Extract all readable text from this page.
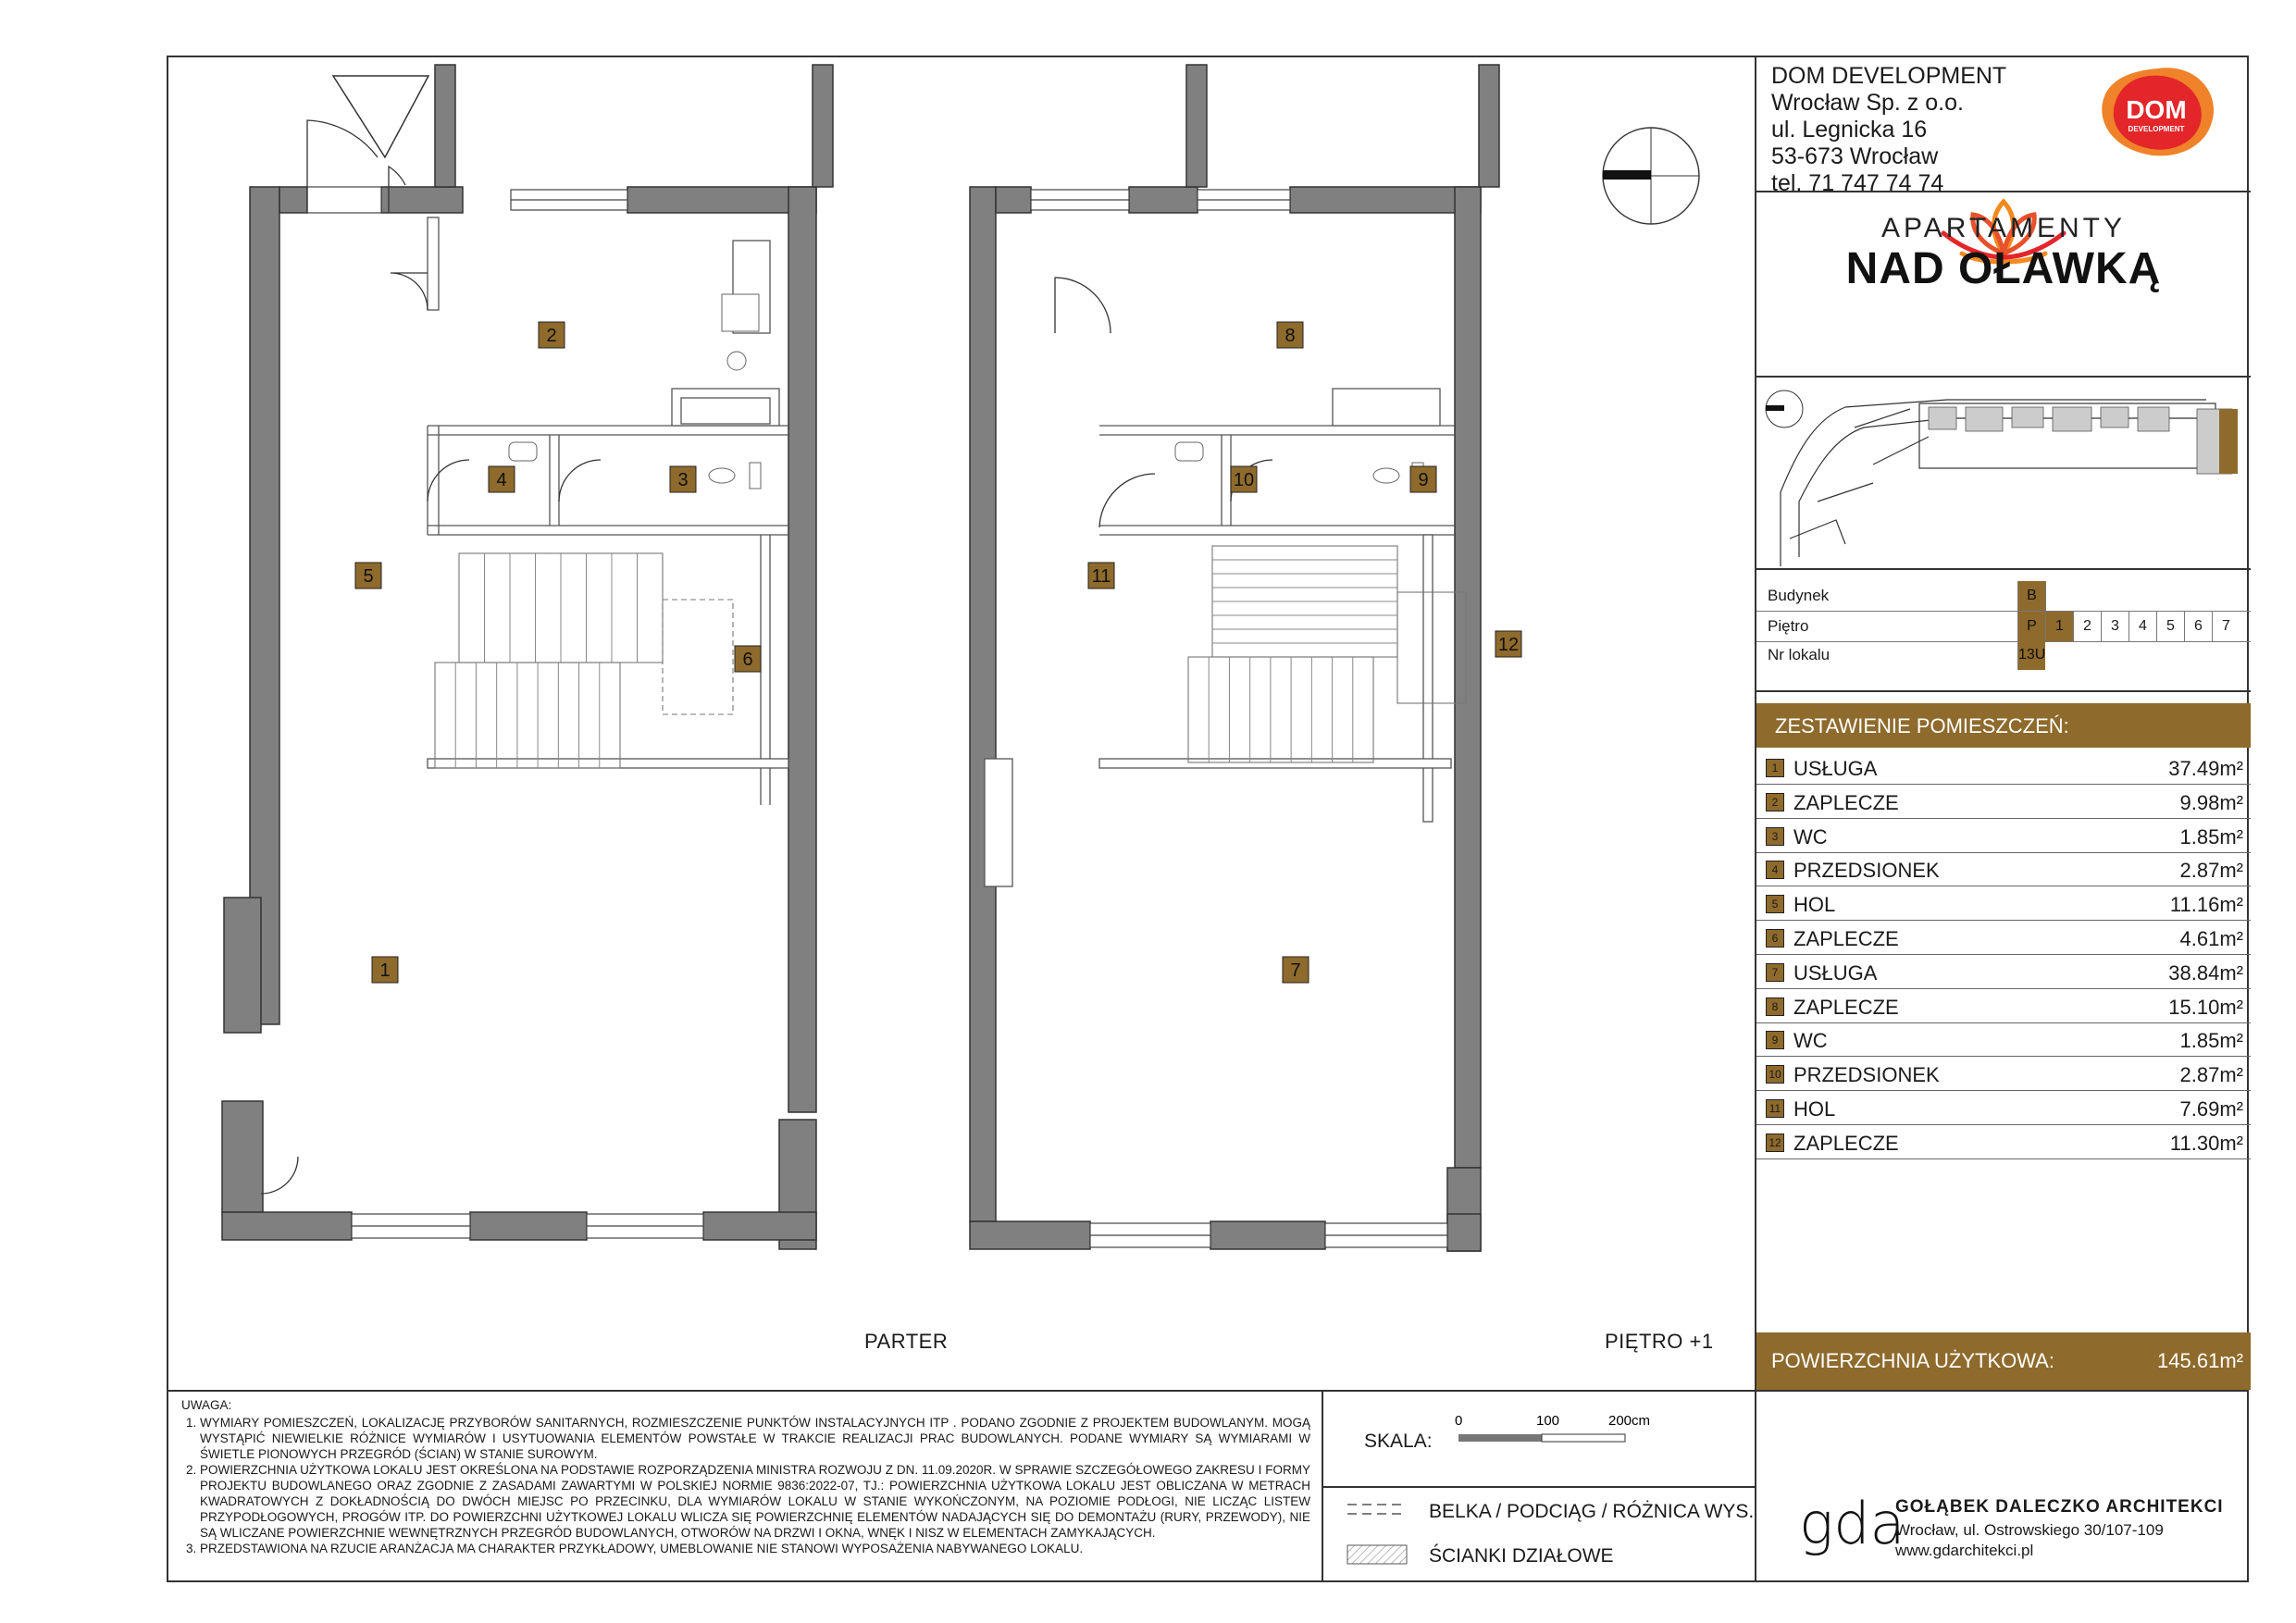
1
2
3
4
5
6
7
8
9
10
11
12
PARTER	PIĘTRO +1
DOM DEVELOPMENT
Wrocław Sp. z o.o.
ul. Legnicka 16
53-673 Wrocław
tel. 71 747 74 74
DOM
DEVELOPMENT
APARTAMENTY
NAD OŁAWKĄ
Budynek	B
Piętro	P	1	2	3	4	5	6	7
Nr lokalu	13U
ZESTAWIENIE POMIESZCZEŃ:
POWIERZCHNIA UŻYTKOWA:	145.61m²
1 USŁUGA	37.49m²
2 ZAPLECZE	9.98m²
3 WC	1.85m²
4 PRZEDSIONEK	2.87m²
5 HOL	11.16m²
6 ZAPLECZE	4.61m²
7 USŁUGA	38.84m²
8 ZAPLECZE	15.10m²
9 WC	1.85m²
10 PRZEDSIONEK	2.87m²
11 HOL	7.69m²
12 ZAPLECZE	11.30m²
UWAGA:
1. WYMIARY POMIESZCZEŃ, LOKALIZACJĘ PRZYBORÓW SANITARNYCH, ROZMIESZCZENIE PUNKTÓW INSTALACYJNYCH ITP . PODANO ZGODNIE Z PROJEKTEM BUDOWLANYM. MOGĄ WYSTĄPIĆ NIEWIELKIE RÓŻNICE WYMIARÓW I USYTUOWANIA ELEMENTÓW POWSTAŁE W TRAKCIE REALIZACJI PRAC BUDOWLANYCH. PODANE WYMIARY SĄ WYMIARAMI W ŚWIETLE PIONOWYCH PRZEGRÓD (ŚCIAN) W STANIE SUROWYM.
2. POWIERZCHNIA UŻYTKOWA LOKALU JEST OKREŚLONA NA PODSTAWIE ROZPORZĄDZENIA MINISTRA ROZWOJU Z DN. 11.09.2020R. W SPRAWIE SZCZEGÓŁOWEGO ZAKRESU I FORMY PROJEKTU BUDOWLANEGO ORAZ ZGODNIE Z ZASADAMI ZAWARTYMI W POLSKIEJ NORMIE 9836:2022-07, TJ.: POWIERZCHNIA UŻYTKOWA LOKALU JEST OBLICZANA W METRACH KWADRATOWYCH Z DOKŁADNOŚCIĄ DO DWÓCH MIEJSC PO PRZECINKU, DLA WYMIARÓW LOKALU W STANIE WYKOŃCZONYM, NA POZIOMIE PODŁOGI, NIE LICZĄC LISTEW PRZYPODŁOGOWYCH, PROGÓW ITP. DO POWIERZCHNI UŻYTKOWEJ LOKALU WLICZA SIĘ POWIERZCHNIĘ ELEMENTÓW NADAJĄCYCH SIĘ DO DEMONTAŻU (RURY, PRZEWODY), NIE SĄ WLICZANE POWIERZCHNIE WEWNĘTRZNYCH PRZEGRÓD BUDOWLANYCH, OTWORÓW NA DRZWI I OKNA, WNĘK I NISZ W ELEMENTACH ZAMYKAJĄCYCH.
3. PRZEDSTAWIONA NA RZUCIE ARANŻACJA MA CHARAKTER PRZYKŁADOWY, UMEBLOWANIE NIE STANOWI WYPOSAŻENIA NABYWANEGO LOKALU.
SKALA:
0	100	200cm
BELKA / PODCIĄG / RÓŻNICA WYS.
ŚCIANKI DZIAŁOWE	gda
GOŁĄBEK DALECZKO ARCHITEKCI
Wrocław, ul. Ostrowskiego 30/107-109
www.gdarchitekci.pl
